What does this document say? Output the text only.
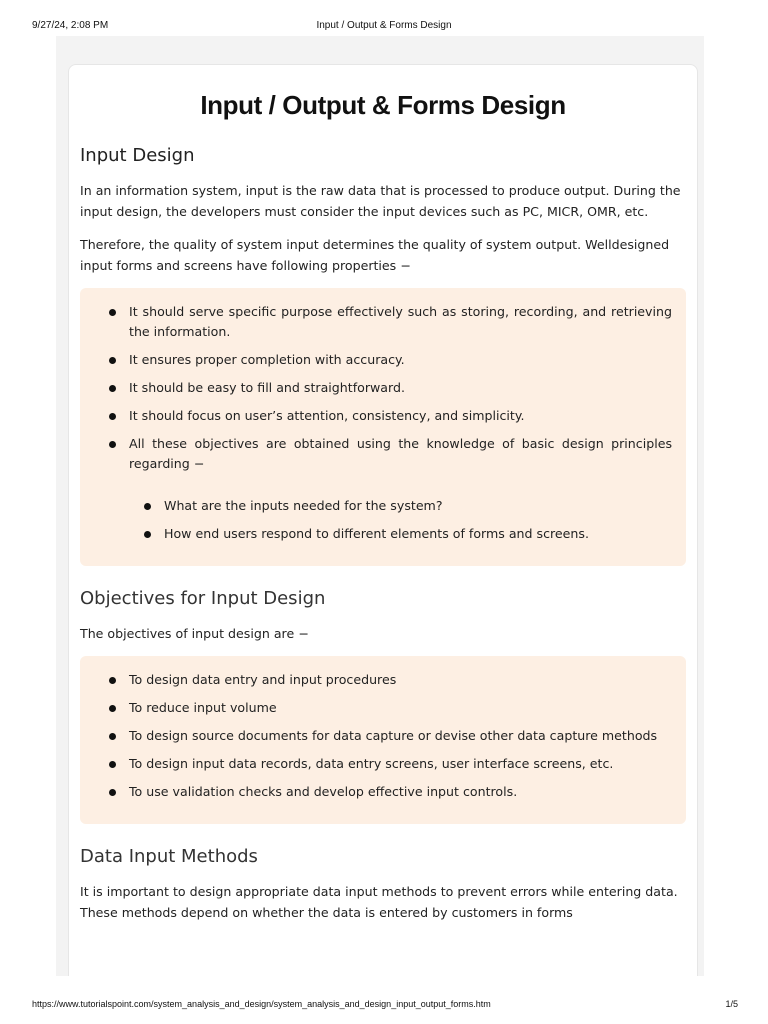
9/27/24, 2:08 PM	Input / Output & Forms Design
Input / Output & Forms Design
Input Design

In an information system, input is the raw data that is processed to produce output. During the input design, the developers must consider the input devices such as PC, MICR, OMR, etc.

Therefore, the quality of system input determines the quality of system output. Welldesigned input forms and screens have following properties −

It should serve specific purpose effectively such as storing, recording, and retrieving the information.
It ensures proper completion with accuracy.
It should be easy to fill and straightforward.
It should focus on user’s attention, consistency, and simplicity.
All these objectives are obtained using the knowledge of basic design principles regarding −
What are the inputs needed for the system?
How end users respond to different elements of forms and screens.
Objectives for Input Design

The objectives of input design are −

To design data entry and input procedures
To reduce input volume
To design source documents for data capture or devise other data capture methods
To design input data records, data entry screens, user interface screens, etc.
To use validation checks and develop effective input controls.
Data Input Methods

It is important to design appropriate data input methods to prevent errors while entering data. These methods depend on whether the data is entered by customers in forms

https://www.tutorialspoint.com/system_analysis_and_design/system_analysis_and_design_input_output_forms.htm	1/5
